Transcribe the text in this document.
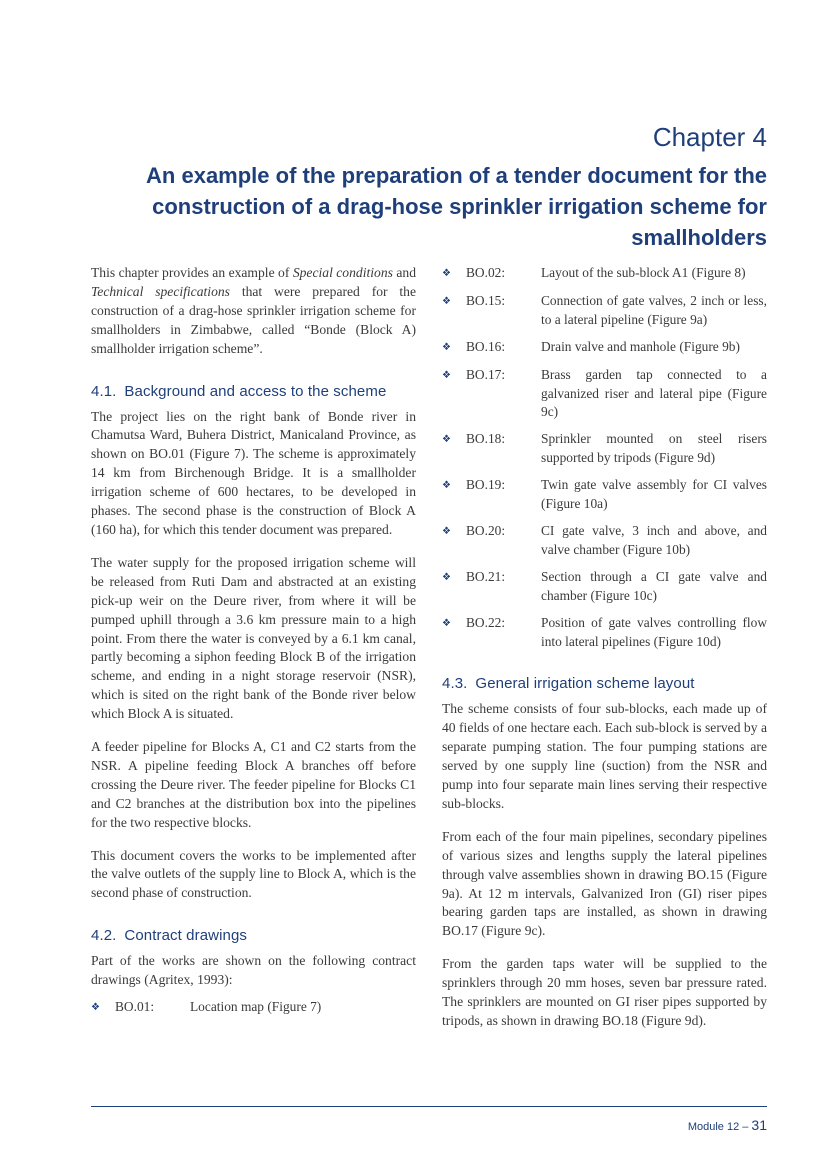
Chapter 4
An example of the preparation of a tender document for the construction of a drag-hose sprinkler irrigation scheme for smallholders

This chapter provides an example of Special conditions and Technical specifications that were prepared for the construction of a drag-hose sprinkler irrigation scheme for smallholders in Zimbabwe, called “Bonde (Block A) smallholder irrigation scheme”.

4.1. Background and access to the scheme

The project lies on the right bank of Bonde river in Chamutsa Ward, Buhera District, Manicaland Province, as shown on BO.01 (Figure 7). The scheme is approximately 14 km from Birchenough Bridge. It is a smallholder irrigation scheme of 600 hectares, to be developed in phases. The second phase is the construction of Block A (160 ha), for which this tender document was prepared.

The water supply for the proposed irrigation scheme will be released from Ruti Dam and abstracted at an existing pick-up weir on the Deure river, from where it will be pumped uphill through a 3.6 km pressure main to a high point. From there the water is conveyed by a 6.1 km canal, partly becoming a siphon feeding Block B of the irrigation scheme, and ending in a night storage reservoir (NSR), which is sited on the right bank of the Bonde river below which Block A is situated.

A feeder pipeline for Blocks A, C1 and C2 starts from the NSR. A pipeline feeding Block A branches off before crossing the Deure river. The feeder pipeline for Blocks C1 and C2 branches at the distribution box into the pipelines for the two respective blocks.

This document covers the works to be implemented after the valve outlets of the supply line to Block A, which is the second phase of construction.

4.2. Contract drawings

Part of the works are shown on the following contract drawings (Agritex, 1993):

❖	BO.01:	Location map (Figure 7)
❖	BO.02:	Layout of the sub-block A1 (Figure 8)
❖	BO.15:	Connection of gate valves, 2 inch or less, to a lateral pipeline (Figure 9a)
❖	BO.16:	Drain valve and manhole (Figure 9b)
❖	BO.17:	Brass garden tap connected to a galvanized riser and lateral pipe (Figure 9c)
❖	BO.18:	Sprinkler mounted on steel risers supported by tripods (Figure 9d)
❖	BO.19:	Twin gate valve assembly for CI valves (Figure 10a)
❖	BO.20:	CI gate valve, 3 inch and above, and valve chamber (Figure 10b)
❖	BO.21:	Section through a CI gate valve and chamber (Figure 10c)
❖	BO.22:	Position of gate valves controlling flow into lateral pipelines (Figure 10d)
4.3. General irrigation scheme layout

The scheme consists of four sub-blocks, each made up of 40 fields of one hectare each. Each sub-block is served by a separate pumping station. The four pumping stations are served by one supply line (suction) from the NSR and pump into four separate main lines serving their respective sub-blocks.

From each of the four main pipelines, secondary pipelines of various sizes and lengths supply the lateral pipelines through valve assemblies shown in drawing BO.15 (Figure 9a). At 12 m intervals, Galvanized Iron (GI) riser pipes bearing garden taps are installed, as shown in drawing BO.17 (Figure 9c).

From the garden taps water will be supplied to the sprinklers through 20 mm hoses, seven bar pressure rated. The sprinklers are mounted on GI riser pipes supported by tripods, as shown in drawing BO.18 (Figure 9d).

Module 12 – 31
